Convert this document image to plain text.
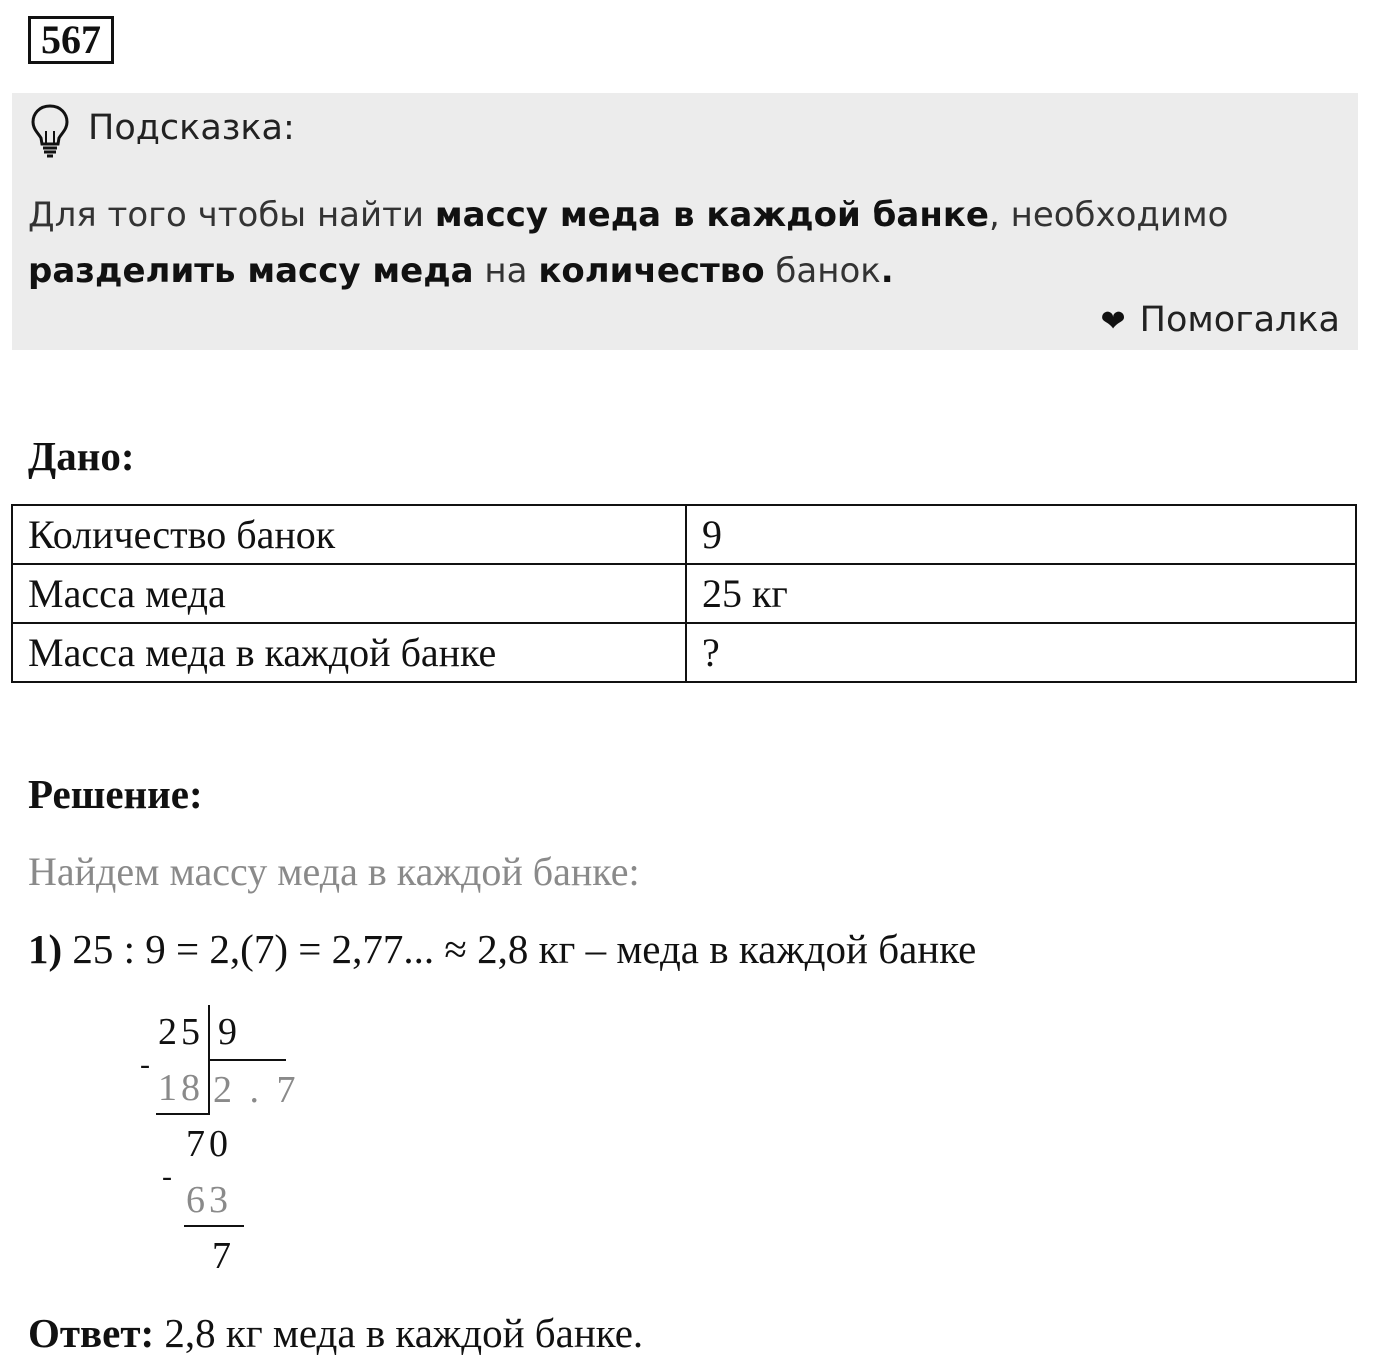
567
Подсказка:
Для того чтобы найти массу меда в каждой банке, необходимо разделить массу меда на количество банок.
❤ Помогалка
Дано:
Количество банок	9
Масса меда	25 кг
Масса меда в каждой банке	?
Решение:
Найдем массу меда в каждой банке:
1) 25 : 9 = 2,(7) = 2,77... ≈ 2,8 кг – меда в каждой банке
25 9
-
18 2 . 7
70
-
63
7
Ответ: 2,8 кг меда в каждой банке.
